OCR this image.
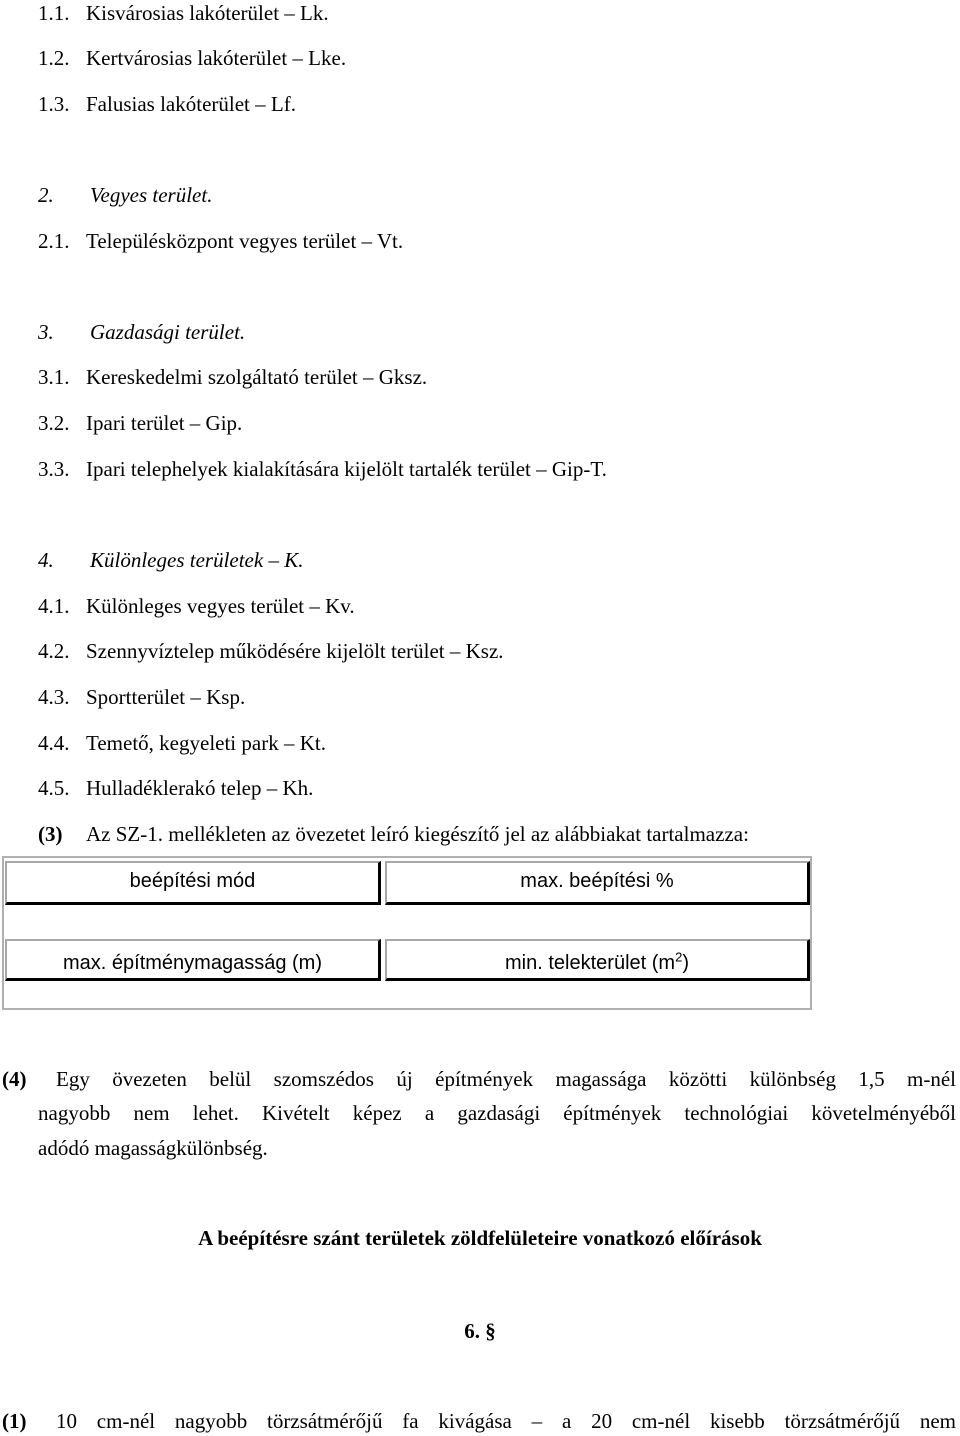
1.1. Kisvárosias lakóterület – Lk.
1.2. Kertvárosias lakóterület – Lke.
1.3. Falusias lakóterület – Lf.
2. Vegyes terület.
2.1. Településközpont vegyes terület – Vt.
3. Gazdasági terület.
3.1. Kereskedelmi szolgáltató terület – Gksz.
3.2. Ipari terület – Gip.
3.3. Ipari telephelyek kialakítására kijelölt tartalék terület – Gip-T.
4. Különleges területek – K.
4.1. Különleges vegyes terület – Kv.
4.2. Szennyvíztelep működésére kijelölt terület – Ksz.
4.3. Sportterület – Ksp.
4.4. Temető, kegyeleti park – Kt.
4.5. Hulladéklerakó telep – Kh.
(3) Az SZ-1. mellékleten az övezetet leíró kiegészítő jel az alábbiakat tartalmazza:
beépítési mód	max. beépítési %
max. építménymagasság (m)	min. telekterület $(m^2)$
(4) Egy övezeten belül szomszédos új építmények magassága közötti különbség 1,5 m-nél
nagyobb nem lehet. Kivételt képez a gazdasági építmények technológiai követelményéből
adódó magasságkülönbség.
A beépítésre szánt területek zöldfelületeire vonatkozó előírások
6. §
(1) 10 cm-nél nagyobb törzsátmérőjű fa kivágása – a 20 cm-nél kisebb törzsátmérőjű nem
